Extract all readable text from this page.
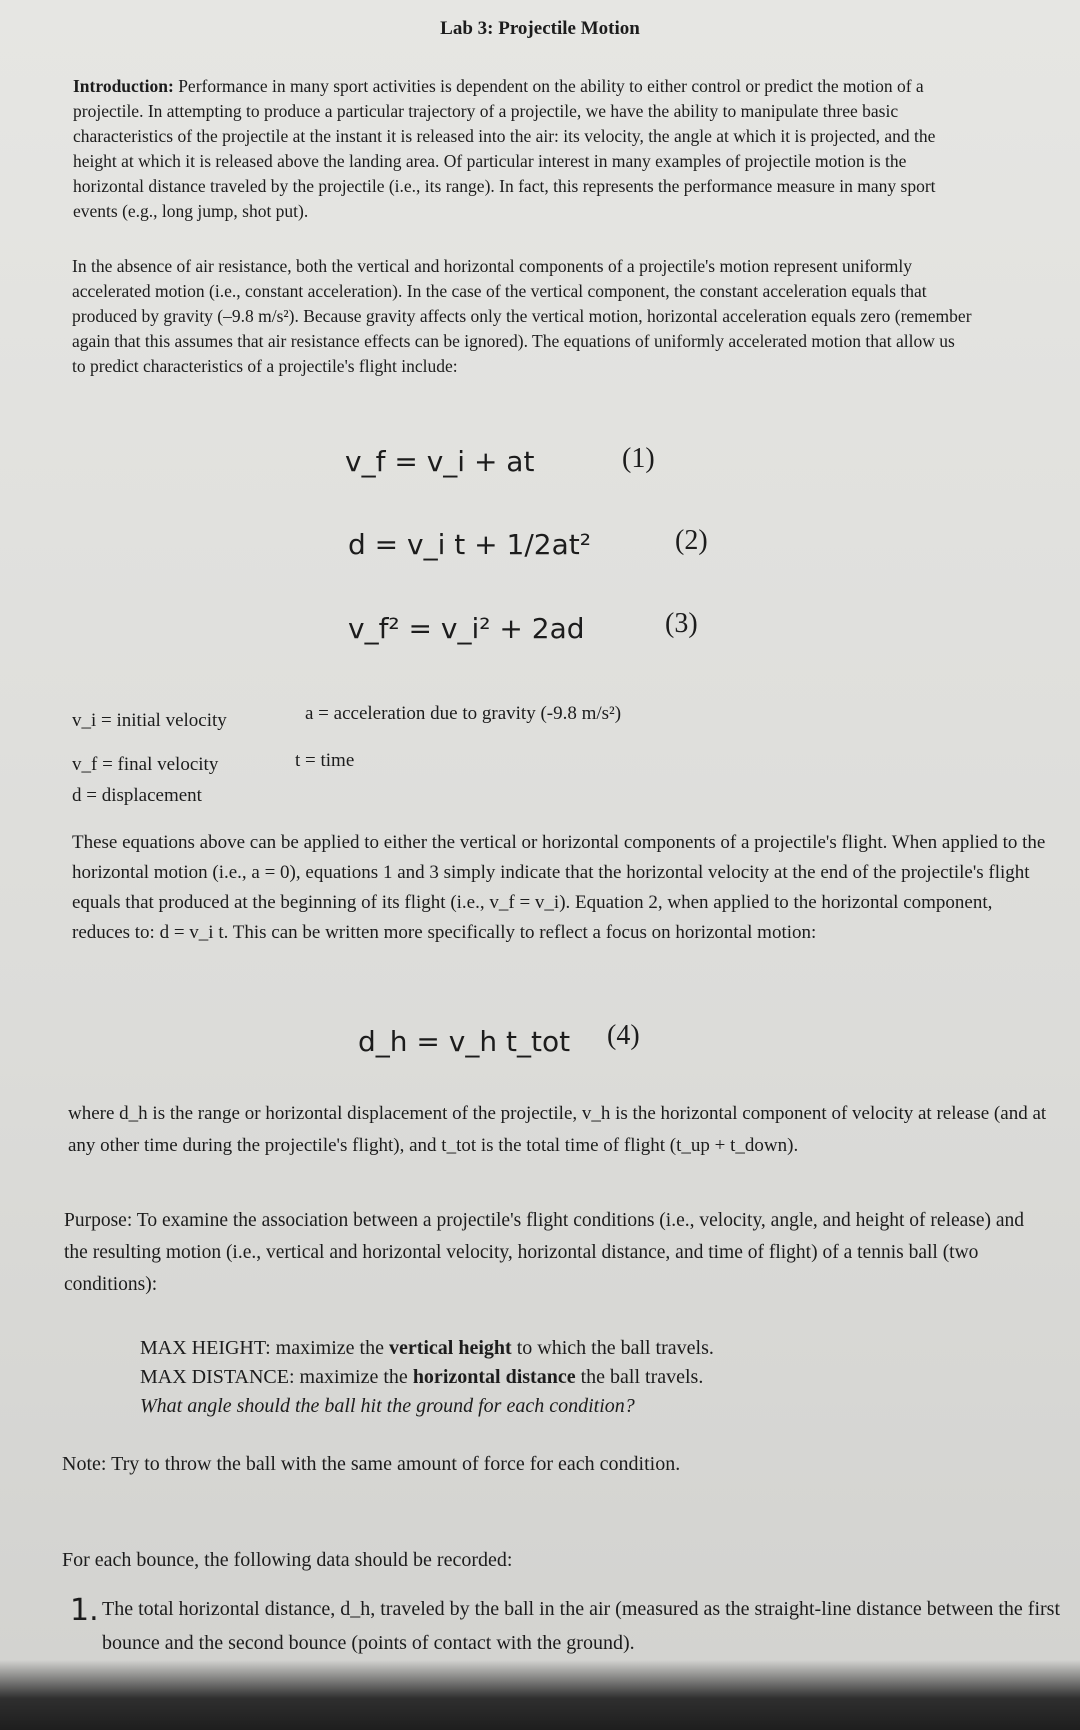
Lab 3: Projectile Motion

Introduction: Performance in many sport activities is dependent on the ability to either control or predict the motion of a projectile. In attempting to produce a particular trajectory of a projectile, we have the ability to manipulate three basic characteristics of the projectile at the instant it is released into the air: its velocity, the angle at which it is projected, and the height at which it is released above the landing area. Of particular interest in many examples of projectile motion is the horizontal distance traveled by the projectile (i.e., its range). In fact, this represents the performance measure in many sport events (e.g., long jump, shot put).

In the absence of air resistance, both the vertical and horizontal components of a projectile's motion represent uniformly accelerated motion (i.e., constant acceleration). In the case of the vertical component, the constant acceleration equals that produced by gravity (–9.8 m/s²). Because gravity affects only the vertical motion, horizontal acceleration equals zero (remember again that this assumes that air resistance effects can be ignored). The equations of uniformly accelerated motion that allow us to predict characteristics of a projectile's flight include:

v_f = v_i + at	(1)
d = v_i t + 1/2at²	(2)
v_f² = v_i² + 2ad	(3)
v_i = initial velocity	a = acceleration due to gravity (-9.8 m/s²)
v_f = final velocity	t = time
d = displacement

These equations above can be applied to either the vertical or horizontal components of a projectile's flight. When applied to the horizontal motion (i.e., a = 0), equations 1 and 3 simply indicate that the horizontal velocity at the end of the projectile's flight equals that produced at the beginning of its flight (i.e., v_f = v_i). Equation 2, when applied to the horizontal component, reduces to: d = v_i t. This can be written more specifically to reflect a focus on horizontal motion:

d_h = v_h t_tot (4)

where d_h is the range or horizontal displacement of the projectile, v_h is the horizontal component of velocity at release (and at any other time during the projectile's flight), and t_tot is the total time of flight (t_up + t_down).

Purpose: To examine the association between a projectile's flight conditions (i.e., velocity, angle, and height of release) and the resulting motion (i.e., vertical and horizontal velocity, horizontal distance, and time of flight) of a tennis ball (two conditions):

MAX HEIGHT: maximize the vertical height to which the ball travels.
MAX DISTANCE: maximize the horizontal distance the ball travels.
What angle should the ball hit the ground for each condition?

Note: Try to throw the ball with the same amount of force for each condition.

For each bounce, the following data should be recorded:

1. The total horizontal distance, d_h, traveled by the ball in the air (measured as the straight-line distance between the first bounce and the second bounce (points of contact with the ground).
